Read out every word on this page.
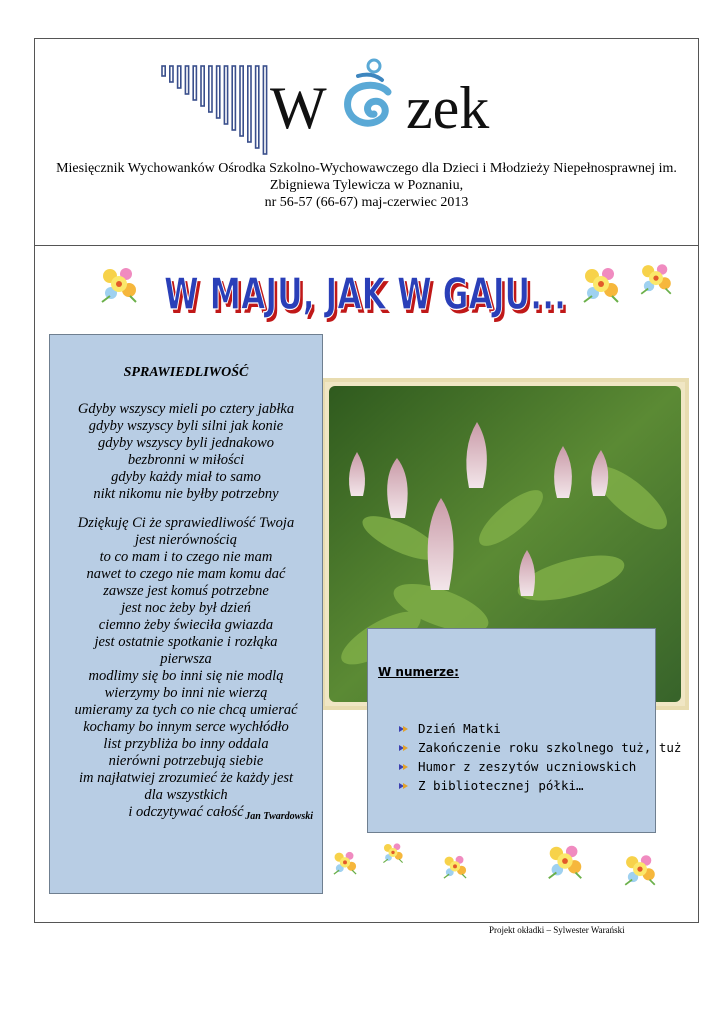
W zek
Miesięcznik Wychowanków Ośrodka Szkolno-Wychowawczego dla Dzieci i Młodzieży Niepełnosprawnej im.
Zbigniewa Tylewicza w Poznaniu,
nr 56-57 (66-67) maj-czerwiec 2013
W MAJU, JAK W GAJU...
W MAJU, JAK W GAJU...
SPRAWIEDLIWOŚĆ
Gdyby wszyscy mieli po cztery jabłka
gdyby wszyscy byli silni jak konie
gdyby wszyscy byli jednakowo
bezbronni w miłości
gdyby każdy miał to samo
nikt nikomu nie byłby potrzebny
Dziękuję Ci że sprawiedliwość Twoja
jest nierównością
to co mam i to czego nie mam
nawet to czego nie mam komu dać
zawsze jest komuś potrzebne
jest noc żeby był dzień
ciemno żeby świeciła gwiazda
jest ostatnie spotkanie i rozłąka
pierwsza
modlimy się bo inni się nie modlą
wierzymy bo inni nie wierzą
umieramy za tych co nie chcą umierać
kochamy bo innym serce wychłódło
list przybliża bo inny oddala
nierówni potrzebują siebie
im najłatwiej zrozumieć że każdy jest
dla wszystkich
i odczytywać całość Jan Twardowski
W numerze:
Dzień Matki
Zakończenie roku szkolnego tuż, tuż
Humor z zeszytów uczniowskich
Z bibliotecznej półki…
Projekt okładki – Sylwester Warański
